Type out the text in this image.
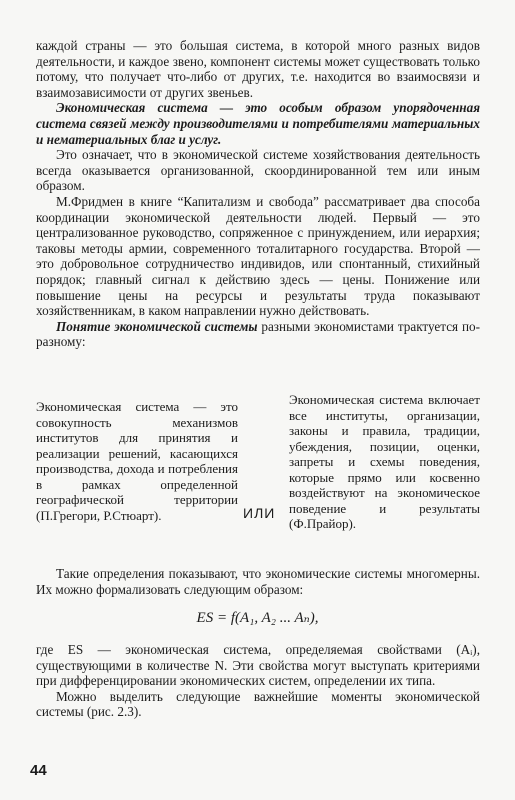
каждой страны — это большая система, в которой много разных видов деятельности, и каждое звено, компонент системы может существовать только потому, что получает что-либо от других, т.е. находится во взаимосвязи и взаимозависимости от других звеньев.

Экономическая система — это особым образом упорядоченная система связей между производителями и потребителями материальных и нематериальных благ и услуг.

Это означает, что в экономической системе хозяйствования деятельность всегда оказывается организованной, скоординированной тем или иным образом.

М.Фридмен в книге “Капитализм и свобода” рассматривает два способа координации экономической деятельности людей. Первый — это централизованное руководство, сопряженное с принуждением, или иерархия; таковы методы армии, современного тоталитарного государства. Второй — это добровольное сотрудничество индивидов, или спонтанный, стихийный порядок; главный сигнал к действию здесь — цены. Понижение или повышение цены на ресурсы и результаты труда показывают хозяйственникам, в каком направлении нужно действовать.

Понятие экономической системы разными экономистами трактуется по-разному:

Экономическая система — это совокупность механизмов институтов для принятия и реализации решений, касающихся производства, дохода и потребления в рамках определенной географической территории (П.Грегори, Р.Стюарт).	ИЛИ
Экономическая система включает все институты, организации, законы и правила, традиции, убеждения, позиции, оценки, запреты и схемы поведения, которые прямо или косвенно воздействуют на экономическое поведение и результаты (Ф.Прайор).

Такие определения показывают, что экономические системы многомерны. Их можно формализовать следующим образом:

ES = f(A₁, A₂ ... Aₙ),

где ES — экономическая система, определяемая свойствами (Aᵢ), существующими в количестве N. Эти свойства могут выступать критериями при дифференцировании экономических систем, определении их типа.

Можно выделить следующие важнейшие моменты экономической системы (рис. 2.3).

44
